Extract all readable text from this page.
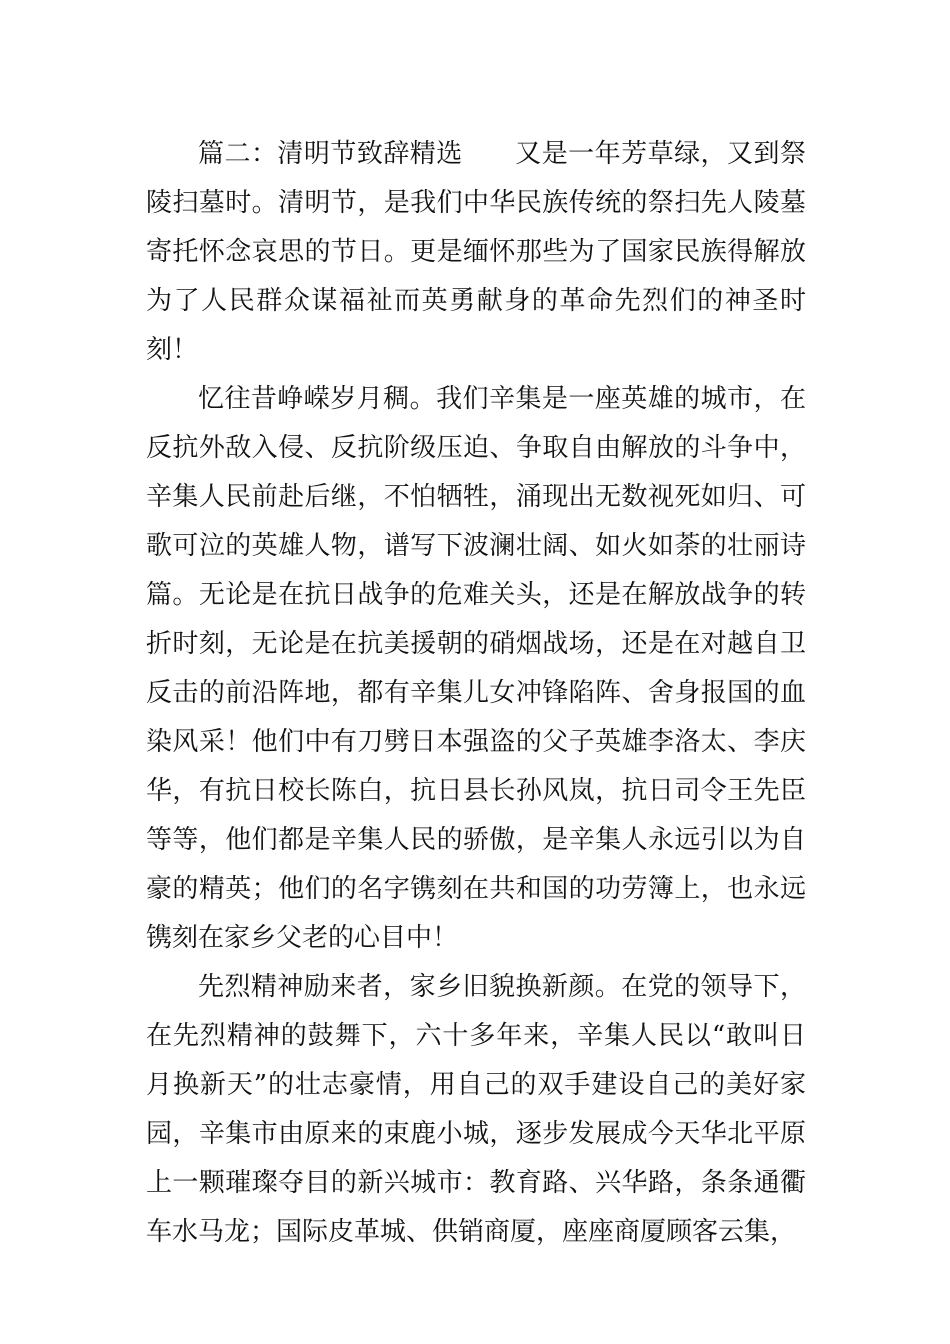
篇二：清明节致辞精选 又是一年芳草绿，又到祭陵扫墓时。清明节，是我们中华民族传统的祭扫先人陵墓寄托怀念哀思的节日。更是缅怀那些为了国家民族得解放为了人民群众谋福祉而英勇献身的革命先烈们的神圣时刻！

忆往昔峥嵘岁月稠。我们辛集是一座英雄的城市，在反抗外敌入侵、反抗阶级压迫、争取自由解放的斗争中，辛集人民前赴后继，不怕牺牲，涌现出无数视死如归、可歌可泣的英雄人物，谱写下波澜壮阔、如火如荼的壮丽诗篇。无论是在抗日战争的危难关头，还是在解放战争的转折时刻，无论是在抗美援朝的硝烟战场，还是在对越自卫反击的前沿阵地，都有辛集儿女冲锋陷阵、舍身报国的血染风采！他们中有刀劈日本强盗的父子英雄李洛太、李庆华，有抗日校长陈白，抗日县长孙风岚，抗日司令王先臣等等，他们都是辛集人民的骄傲，是辛集人永远引以为自豪的精英；他们的名字镌刻在共和国的功劳簿上，也永远镌刻在家乡父老的心目中！

先烈精神励来者，家乡旧貌换新颜。在党的领导下，在先烈精神的鼓舞下，六十多年来，辛集人民以“敢叫日月换新天”的壮志豪情，用自己的双手建设自己的美好家园，辛集市由原来的束鹿小城，逐步发展成今天华北平原上一颗璀璨夺目的新兴城市：教育路、兴华路，条条通衢车水马龙；国际皮革城、供销商厦，座座商厦顾客云集，
